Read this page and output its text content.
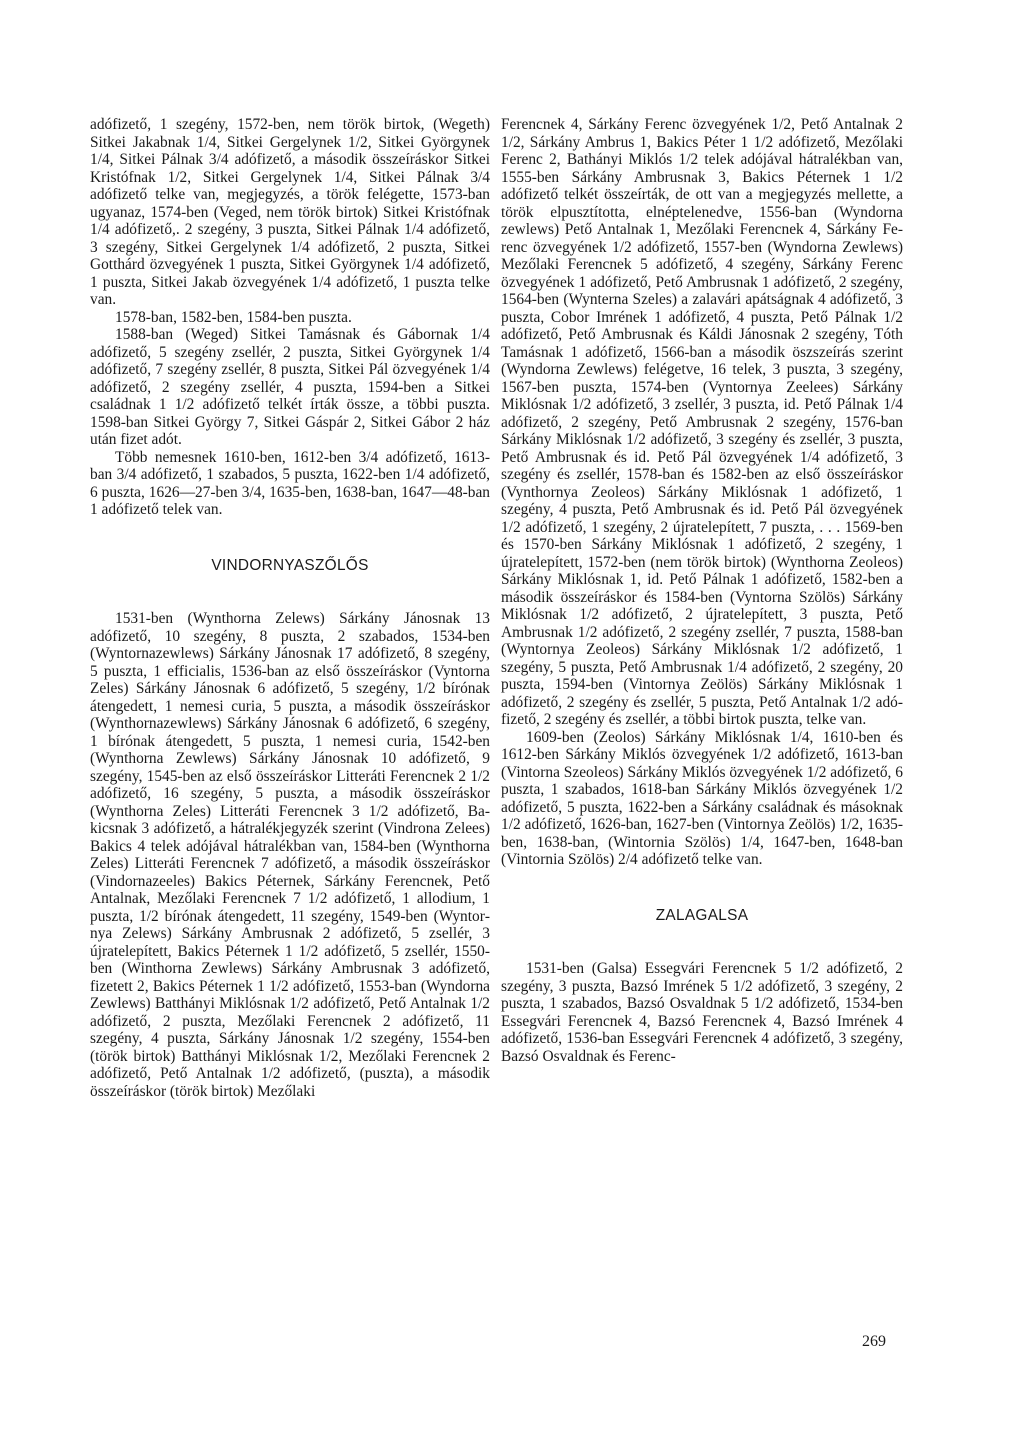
adófizető, 1 szegény, 1572-ben, nem török birtok, (Wegeth) Sitkei Jakabnak 1/4, Sitkei Gergelynek 1/2, Sitkei Györgynek 1/4, Sitkei Pálnak 3/4 adófizető, a második összeíráskor Sitkei Kristófnak 1/2, Sitkei Gergelynek 1/4, Sitkei Pálnak 3/4 adófizető telke van, megjegyzés, a török felégette, 1573-ban ugyanaz, 1574-ben (Veged, nem török birtok) Sitkei Kristófnak 1/4 adófizető,. 2 szegény, 3 puszta, Sitkei Pálnak 1/4 adófizető, 3 szegény, Sitkei Gergelynek 1/4 adófizető, 2 puszta, Sitkei Gotthárd özvegyének 1 puszta, Sitkei Györgynek 1/4 adófizető, 1 puszta, Sitkei Jakab özvegyének 1/4 adófizető, 1 puszta telke van.

1578-ban, 1582-ben, 1584-ben puszta.

1588-ban (Weged) Sitkei Tamásnak és Gábornak 1/4 adófizető, 5 szegény zsellér, 2 puszta, Sitkei Györgynek 1/4 adófizető, 7 szegény zsellér, 8 puszta, Sitkei Pál özvegyének 1/4 adófizető, 2 szegény zsellér, 4 puszta, 1594-ben a Sitkei családnak 1 1/2 adófizető telkét írták össze, a többi puszta. 1598-ban Sitkei György 7, Sitkei Gáspár 2, Sitkei Gábor 2 ház után fizet adót.

Több nemesnek 1610-ben, 1612-ben 3/4 adófizető, 1613-ban 3/4 adófizető, 1 szabados, 5 puszta, 1622-ben 1/4 adófizető, 6 puszta, 1626—27-ben 3/4, 1635-ben, 1638-ban, 1647—48-ban 1 adófizető telek van.

VINDORNYASZŐLŐS

1531-ben (Wynthorna Zelews) Sárkány Jánosnak 13 adófizető, 10 szegény, 8 puszta, 2 szabados, 1534-ben (Wyntornazewlews) Sárkány Jánosnak 17 adófizető, 8 szegény, 5 puszta, 1 efficialis, 1536-ban az első összeíráskor (Vyntorna Zeles) Sárkány Jánosnak 6 adófizető, 5 szegény, 1/2 bírónak átengedett, 1 nemesi curia, 5 puszta, a második összeíráskor (Wynthornazewlews) Sárkány Jánosnak 6 adófizető, 6 szegény, 1 bírónak átengedett, 5 puszta, 1 nemesi curia, 1542-ben (Wynthorna Zewlews) Sárkány Jánosnak 10 adófizető, 9 szegény, 1545-ben az első összeíráskor Litteráti Ferencnek 2 1/2 adófizető, 16 szegény, 5 puszta, a második összeíráskor (Wynthorna Zeles) Litteráti Ferencnek 3 1/2 adófizető, Bakicsnak 3 adófizető, a hátralékjegyzék szerint (Vindrona Zelees) Bakics 4 telek adójával hátralékban van, 1584-ben (Wynthorna Zeles) Litteráti Ferencnek 7 adófizető, a második összeíráskor (Vindornazeeles) Bakics Péternek, Sárkány Ferencnek, Pető Antalnak, Mezőlaki Ferencnek 7 1/2 adófizető, 1 allodium, 1 puszta, 1/2 bírónak átengedett, 11 szegény, 1549-ben (Wyntornya Zelews) Sárkány Ambrusnak 2 adófizető, 5 zsellér, 3 újratelepített, Bakics Péternek 1 1/2 adófizető, 5 zsellér, 1550-ben (Winthorna Zewlews) Sárkány Ambrusnak 3 adófizető, fizetett 2, Bakics Péternek 1 1/2 adófizető, 1553-ban (Wyndorna Zewlews) Batthányi Miklósnak 1/2 adófizető, Pető Antalnak 1/2 adófizető, 2 puszta, Mezőlaki Ferencnek 2 adófizető, 11 szegény, 4 puszta, Sárkány Jánosnak 1/2 szegény, 1554-ben (török birtok) Batthányi Miklósnak 1/2, Mezőlaki Ferencnek 2 adófizető, Pető Antalnak 1/2 adófizető, (puszta), a második összeíráskor (török birtok) Mezőlaki

Ferencnek 4, Sárkány Ferenc özvegyének 1/2, Pető Antalnak 2 1/2, Sárkány Ambrus 1, Bakics Péter 1 1/2 adófizető, Mezőlaki Ferenc 2, Bathányi Miklós 1/2 telek adójával hátralékban van, 1555-ben Sárkány Ambrusnak 3, Bakics Péternek 1 1/2 adófizető telkét összeírták, de ott van a megjegyzés mellette, a török elpusztította, elnéptelenedve, 1556-ban (Wyndorna zewlews) Pető Antalnak 1, Mezőlaki Ferencnek 4, Sárkány Ferenc özvegyének 1/2 adófizető, 1557-ben (Wyndorna Zewlews) Mezőlaki Ferencnek 5 adófizető, 4 szegény, Sárkány Ferenc özvegyének 1 adófizető, Pető Ambrusnak 1 adófizető, 2 szegény, 1564-ben (Wynterna Szeles) a zalavári apátságnak 4 adófizető, 3 puszta, Cobor Imrének 1 adófizető, 4 puszta, Pető Pálnak 1/2 adófizető, Pető Ambrusnak és Káldi Jánosnak 2 szegény, Tóth Tamásnak 1 adófizető, 1566-ban a második öszszeírás szerint (Wyndorna Zewlews) felégetve, 16 telek, 3 puszta, 3 szegény, 1567-ben puszta, 1574-ben (Vyntornya Zeelees) Sárkány Miklósnak 1/2 adófizető, 3 zsellér, 3 puszta, id. Pető Pálnak 1/4 adófizető, 2 szegény, Pető Ambrusnak 2 szegény, 1576-ban Sárkány Miklósnak 1/2 adófizető, 3 szegény és zsellér, 3 puszta, Pető Ambrusnak és id. Pető Pál özvegyének 1/4 adófizető, 3 szegény és zsellér, 1578-ban és 1582-ben az első összeíráskor (Vynthornya Zeoleos) Sárkány Miklósnak 1 adófizető, 1 szegény, 4 puszta, Pető Ambrusnak és id. Pető Pál özvegyének 1/2 adófizető, 1 szegény, 2 újratelepített, 7 puszta, . . . 1569-ben és 1570-ben Sárkány Miklósnak 1 adófizető, 2 szegény, 1 újratelepített, 1572-ben (nem török birtok) (Wynthorna Zeoleos) Sárkány Miklósnak 1, id. Pető Pálnak 1 adófizető, 1582-ben a második összeíráskor és 1584-ben (Vyntorna Szölös) Sárkány Miklósnak 1/2 adófizető, 2 újratelepített, 3 puszta, Pető Ambrusnak 1/2 adófizető, 2 szegény zsellér, 7 puszta, 1588-ban (Wyntornya Zeoleos) Sárkány Miklósnak 1/2 adófizető, 1 szegény, 5 puszta, Pető Ambrusnak 1/4 adófizető, 2 szegény, 20 puszta, 1594-ben (Vintornya Zeölös) Sárkány Miklósnak 1 adófizető, 2 szegény és zsellér, 5 puszta, Pető Antalnak 1/2 adófizető, 2 szegény és zsellér, a többi birtok puszta, telke van.

1609-ben (Zeolos) Sárkány Miklósnak 1/4, 1610-ben és 1612-ben Sárkány Miklós özvegyének 1/2 adófizető, 1613-ban (Vintorna Szeoleos) Sárkány Miklós özvegyének 1/2 adófizető, 6 puszta, 1 szabados, 1618-ban Sárkány Miklós özvegyének 1/2 adófizető, 5 puszta, 1622-ben a Sárkány családnak és másoknak 1/2 adófizető, 1626-ban, 1627-ben (Vintornya Zeölös) 1/2, 1635-ben, 1638-ban, (Wintornia Szölös) 1/4, 1647-ben, 1648-ban (Vintornia Szölös) 2/4 adófizető telke van.

ZALAGALSA

1531-ben (Galsa) Essegvári Ferencnek 5 1/2 adófizető, 2 szegény, 3 puszta, Bazsó Imrének 5 1/2 adófizető, 3 szegény, 2 puszta, 1 szabados, Bazsó Osvaldnak 5 1/2 adófizető, 1534-ben Essegvári Ferencnek 4, Bazsó Ferencnek 4, Bazsó Imrének 4 adófizető, 1536-ban Essegvári Ferencnek 4 adófizető, 3 szegény, Bazsó Osvaldnak és Ferenc-

269
